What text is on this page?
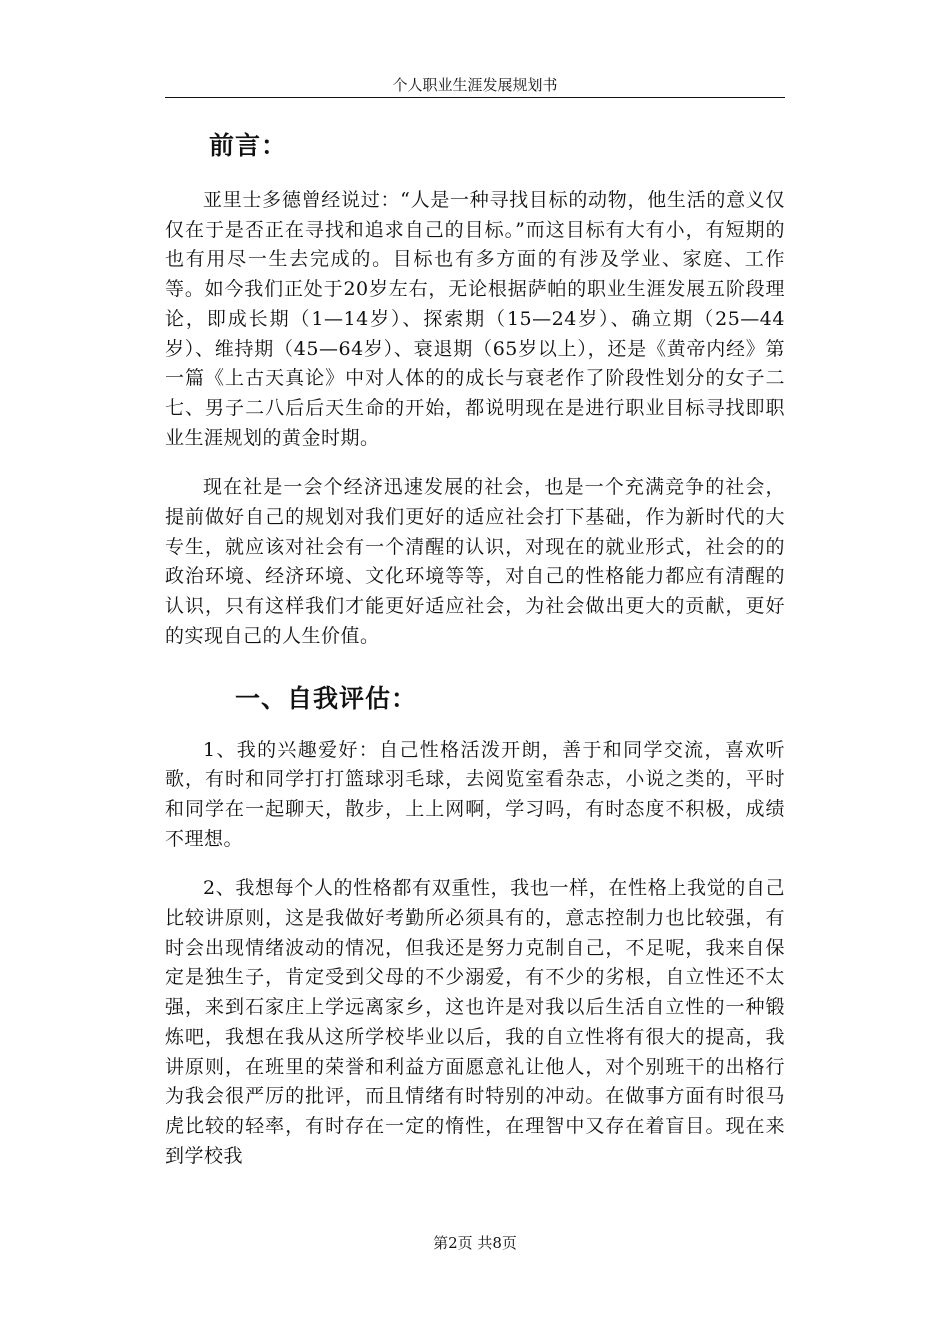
个人职业生涯发展规划书
前言：

亚里士多德曾经说过：“人是一种寻找目标的动物，他生活的意义仅仅在于是否正在寻找和追求自己的目标。”而这目标有大有小，有短期的也有用尽一生去完成的。目标也有多方面的有涉及学业、家庭、工作等。如今我们正处于20岁左右，无论根据萨帕的职业生涯发展五阶段理论，即成长期（1—14岁）、探索期（15—24岁）、确立期（25—44岁）、维持期（45—64岁）、衰退期（65岁以上），还是《黄帝内经》第一篇《上古天真论》中对人体的的成长与衰老作了阶段性划分的女子二七、男子二八后后天生命的开始，都说明现在是进行职业目标寻找即职业生涯规划的黄金时期。

现在社是一会个经济迅速发展的社会，也是一个充满竞争的社会，提前做好自己的规划对我们更好的适应社会打下基础，作为新时代的大专生，就应该对社会有一个清醒的认识，对现在的就业形式，社会的的政治环境、经济环境、文化环境等等，对自己的性格能力都应有清醒的认识，只有这样我们才能更好适应社会，为社会做出更大的贡献，更好的实现自己的人生价值。

一、自我评估：

1、我的兴趣爱好：自己性格活泼开朗，善于和同学交流，喜欢听歌，有时和同学打打篮球羽毛球，去阅览室看杂志，小说之类的，平时和同学在一起聊天，散步，上上网啊，学习吗，有时态度不积极，成绩不理想。

2、我想每个人的性格都有双重性，我也一样，在性格上我觉的自己比较讲原则，这是我做好考勤所必须具有的，意志控制力也比较强，有时会出现情绪波动的情况，但我还是努力克制自己，不足呢，我来自保定是独生子，肯定受到父母的不少溺爱，有不少的劣根，自立性还不太强，来到石家庄上学远离家乡，这也许是对我以后生活自立性的一种锻炼吧，我想在我从这所学校毕业以后，我的自立性将有很大的提高，我讲原则，在班里的荣誉和利益方面愿意礼让他人，对个别班干的出格行为我会很严厉的批评，而且情绪有时特别的冲动。在做事方面有时很马虎比较的轻率，有时存在一定的惰性，在理智中又存在着盲目。现在来到学校我

第2页 共8页
